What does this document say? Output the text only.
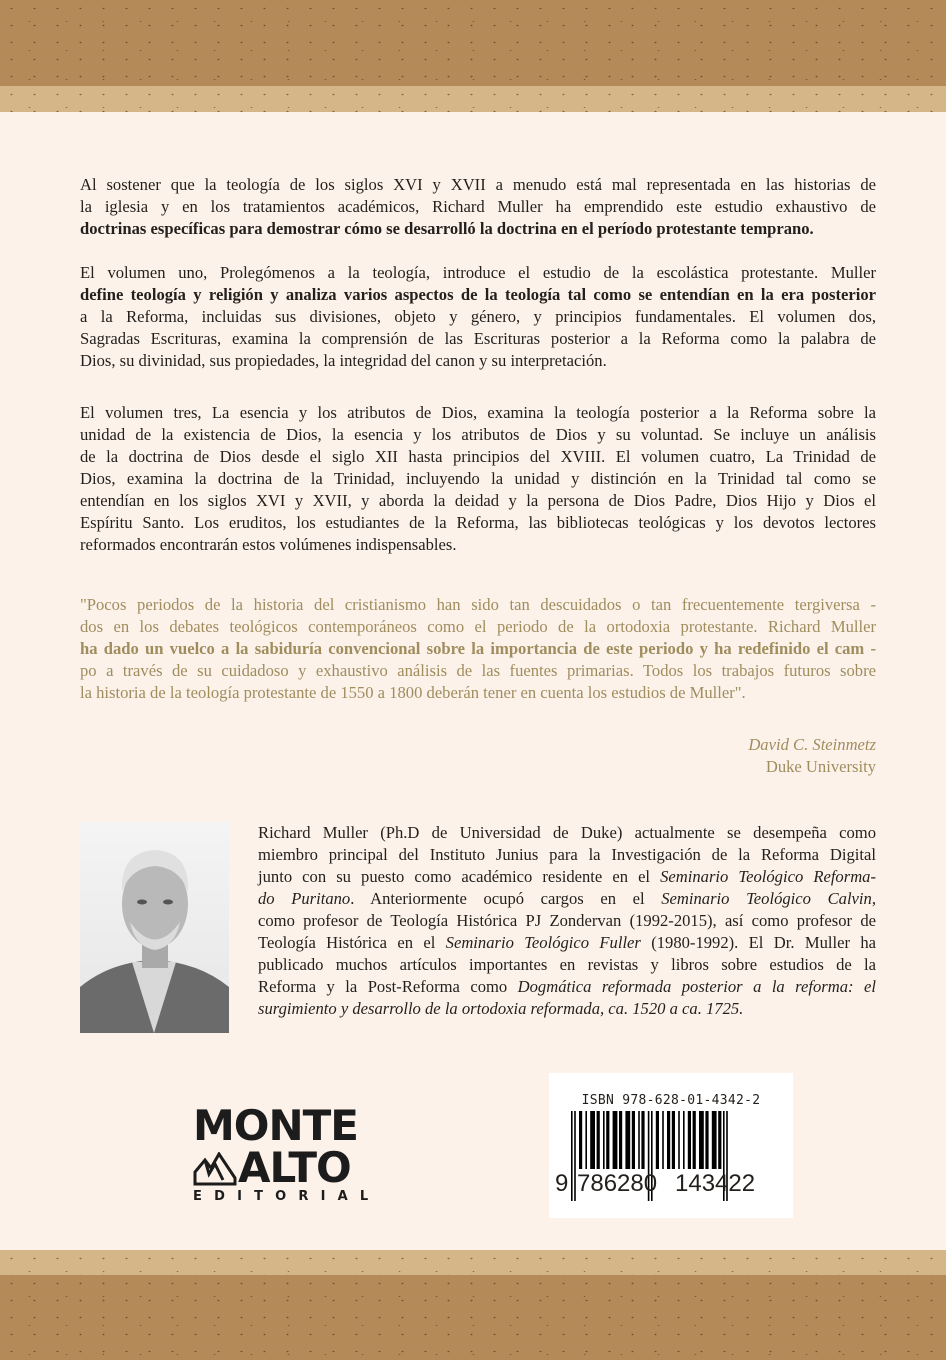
Al sostener que la teología de los siglos XVI y XVII a menudo está mal representada en las historias de
la iglesia y en los tratamientos académicos, Richard Muller ha emprendido este estudio exhaustivo de
doctrinas específicas para demostrar cómo se desarrolló la doctrina en el período protestante temprano.
El volumen uno, Prolegómenos a la teología, introduce el estudio de la escolástica protestante. Muller
define teología y religión y analiza varios aspectos de la teología tal como se entendían en la era posterior
a la Reforma, incluidas sus divisiones, objeto y género, y principios fundamentales. El volumen dos,
Sagradas Escrituras, examina la comprensión de las Escrituras posterior a la Reforma como la palabra de
Dios, su divinidad, sus propiedades, la integridad del canon y su interpretación.
El volumen tres, La esencia y los atributos de Dios, examina la teología posterior a la Reforma sobre la
unidad de la existencia de Dios, la esencia y los atributos de Dios y su voluntad. Se incluye un análisis
de la doctrina de Dios desde el siglo XII hasta principios del XVIII. El volumen cuatro, La Trinidad de
Dios, examina la doctrina de la Trinidad, incluyendo la unidad y distinción en la Trinidad tal como se
entendían en los siglos XVI y XVII, y aborda la deidad y la persona de Dios Padre, Dios Hijo y Dios el
Espíritu Santo. Los eruditos, los estudiantes de la Reforma, las bibliotecas teológicas y los devotos lectores
reformados encontrarán estos volúmenes indispensables.
"Pocos periodos de la historia del cristianismo han sido tan descuidados o tan frecuentemente tergiversa -
dos en los debates teológicos contemporáneos como el periodo de la ortodoxia protestante. Richard Muller
ha dado un vuelco a la sabiduría convencional sobre la importancia de este periodo y ha redefinido el cam -
po a través de su cuidadoso y exhaustivo análisis de las fuentes primarias. Todos los trabajos futuros sobre
la historia de la teología protestante de 1550 a 1800 deberán tener en cuenta los estudios de Muller".
David C. Steinmetz
Duke University
Richard Muller (Ph.D de Universidad de Duke) actualmente se desempeña como
miembro principal del Instituto Junius para la Investigación de la Reforma Digital
junto con su puesto como académico residente en el Seminario Teológico Reforma-
do Puritano. Anteriormente ocupó cargos en el Seminario Teológico Calvin,
como profesor de Teología Histórica PJ Zondervan (1992-2015), así como profesor de
Teología Histórica en el Seminario Teológico Fuller (1980-1992). El Dr. Muller ha
publicado muchos artículos importantes en revistas y libros sobre estudios de la
Reforma y la Post-Reforma como Dogmática reformada posterior a la reforma: el
surgimiento y desarrollo de la ortodoxia reformada, ca. 1520 a ca. 1725.
MONTE
ALTO
EDITORIAL
ISBN 978-628-01-4342-2
9 786280 143422
